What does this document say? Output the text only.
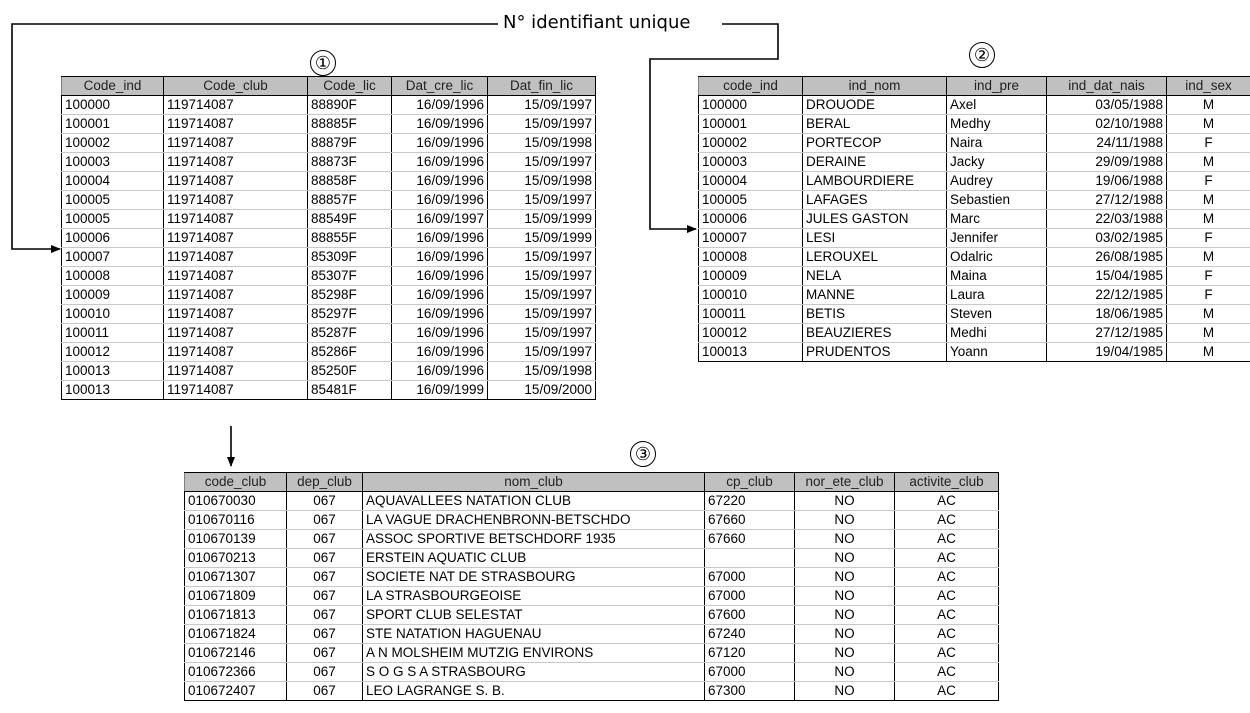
N° identifiant unique
①	②
③
Code_ind	Code_club	Code_lic	Dat_cre_lic	Dat_fin_lic
100000	119714087	88890F	16/09/1996	15/09/1997
100001	119714087	88885F	16/09/1996	15/09/1997
100002	119714087	88879F	16/09/1996	15/09/1998
100003	119714087	88873F	16/09/1996	15/09/1997
100004	119714087	88858F	16/09/1996	15/09/1998
100005	119714087	88857F	16/09/1996	15/09/1997
100005	119714087	88549F	16/09/1997	15/09/1999
100006	119714087	88855F	16/09/1996	15/09/1999
100007	119714087	85309F	16/09/1996	15/09/1997
100008	119714087	85307F	16/09/1996	15/09/1997
100009	119714087	85298F	16/09/1996	15/09/1997
100010	119714087	85297F	16/09/1996	15/09/1997
100011	119714087	85287F	16/09/1996	15/09/1997
100012	119714087	85286F	16/09/1996	15/09/1997
100013	119714087	85250F	16/09/1996	15/09/1998
100013	119714087	85481F	16/09/1999	15/09/2000
code_ind	ind_nom	ind_pre	ind_dat_nais	ind_sex
100000	DROUODE	Axel	03/05/1988	M
100001	BERAL	Medhy	02/10/1988	M
100002	PORTECOP	Naira	24/11/1988	F
100003	DERAINE	Jacky	29/09/1988	M
100004	LAMBOURDIERE	Audrey	19/06/1988	F
100005	LAFAGES	Sebastien	27/12/1988	M
100006	JULES GASTON	Marc	22/03/1988	M
100007	LESI	Jennifer	03/02/1985	F
100008	LEROUXEL	Odalric	26/08/1985	M
100009	NELA	Maina	15/04/1985	F
100010	MANNE	Laura	22/12/1985	F
100011	BETIS	Steven	18/06/1985	M
100012	BEAUZIERES	Medhi	27/12/1985	M
100013	PRUDENTOS	Yoann	19/04/1985	M
code_club	dep_club	nom_club	cp_club	nor_ete_club	activite_club
010670030	067	AQUAVALLEES NATATION CLUB	67220	NO	AC
010670116	067	LA VAGUE DRACHENBRONN-BETSCHDO	67660	NO	AC
010670139	067	ASSOC SPORTIVE BETSCHDORF 1935	67660	NO	AC
010670213	067	ERSTEIN AQUATIC CLUB		NO	AC
010671307	067	SOCIETE NAT DE STRASBOURG	67000	NO	AC
010671809	067	LA STRASBOURGEOISE	67000	NO	AC
010671813	067	SPORT CLUB SELESTAT	67600	NO	AC
010671824	067	STE NATATION HAGUENAU	67240	NO	AC
010672146	067	A N MOLSHEIM MUTZIG ENVIRONS	67120	NO	AC
010672366	067	S O G S A STRASBOURG	67000	NO	AC
010672407	067	LEO LAGRANGE S. B.	67300	NO	AC
